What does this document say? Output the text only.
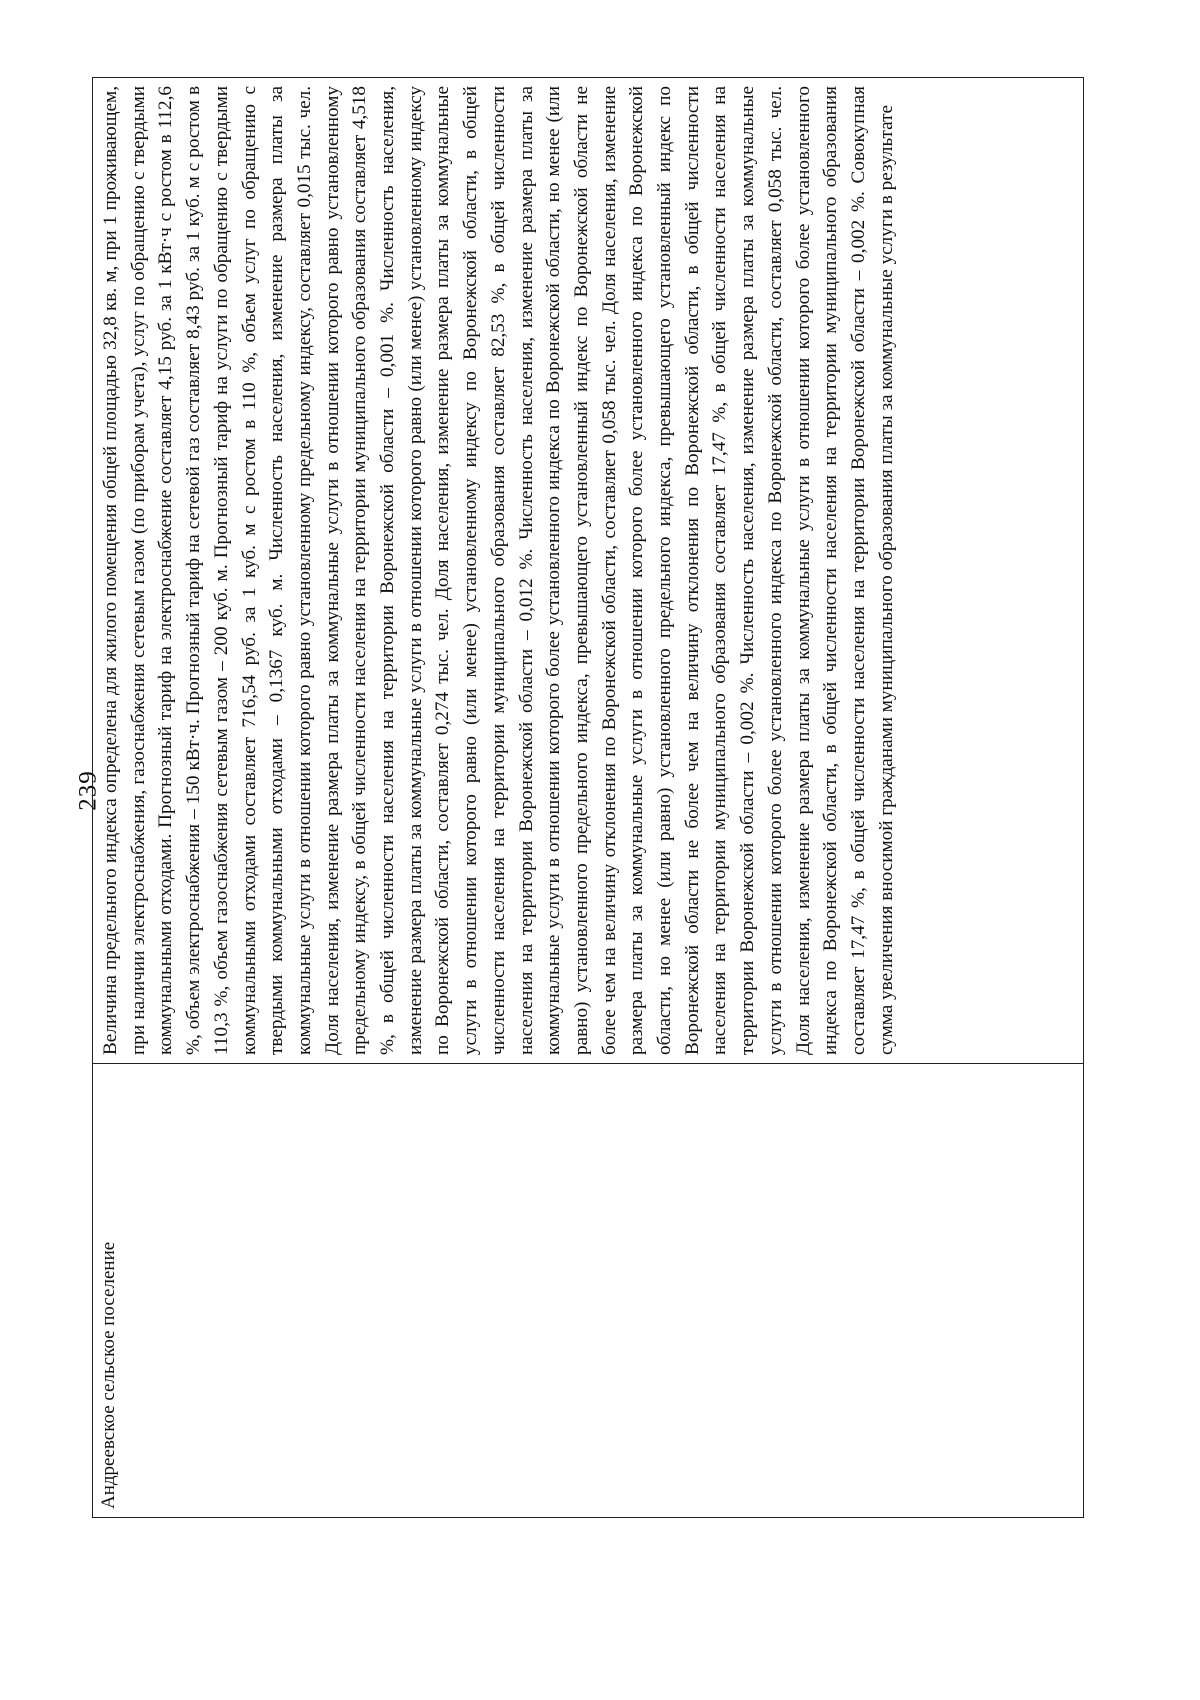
239
Андреевское сельское поселение	
Величина предельного индекса определена для жилого помещения общей площадью 32,8 кв. м, при 1 проживающем, при наличии электроснабжения, газоснабжения сетевым газом (по приборам учета), услуг по обращению с твердыми коммунальными отходами. Прогнозный тариф на электроснабжение составляет 4,15 руб. за 1 кВт·ч с ростом в 112,6 %, объем электроснабжения – 150 кВт·ч. Прогнозный тариф на сетевой газ составляет 8,43 руб. за 1 куб. м с ростом в 110,3 %, объем газоснабжения сетевым газом – 200 куб. м. Прогнозный тариф на услуги по обращению с твердыми коммунальными отходами составляет 716,54 руб. за 1 куб. м с ростом в 110 %, объем услуг по обращению с твердыми коммунальными отходами – 0,1367 куб. м. Численность населения, изменение размера платы за коммунальные услуги в отношении которого равно установленному предельному индексу, составляет 0,015 тыс. чел. Доля населения, изменение размера платы за коммунальные услуги в отношении которого равно установленному предельному индексу, в общей численности населения на территории муниципального образования составляет 4,518 %, в общей численности населения на территории Воронежской области – 0,001 %. Численность населения, изменение размера платы за коммунальные услуги в отношении которого равно (или менее) установленному индексу по Воронежской области, составляет 0,274 тыс. чел. Доля населения, изменение размера платы за коммунальные услуги в отношении которого равно (или менее) установленному индексу по Воронежской области, в общей численности населения на территории муниципального образования составляет 82,53 %, в общей численности населения на территории Воронежской области – 0,012 %. Численность населения, изменение размера платы за коммунальные услуги в отношении которого более установленного индекса по Воронежской области, но менее (или равно) установленного предельного индекса, превышающего установленный индекс по Воронежской области не более чем на величину отклонения по Воронежской области, составляет 0,058 тыс. чел. Доля населения, изменение размера платы за коммунальные услуги в отношении которого более установленного индекса по Воронежской области, но менее (или равно) установленного предельного индекса, превышающего установленный индекс по Воронежской области не более чем на величину отклонения по Воронежской области, в общей численности населения на территории муниципального образования составляет 17,47 %, в общей численности населения на территории Воронежской области – 0,002 %. Численность населения, изменение размера платы за коммунальные услуги в отношении которого более установленного индекса по Воронежской области, составляет 0,058 тыс. чел. Доля населения, изменение размера платы за коммунальные услуги в отношении которого более установленного индекса по Воронежской области, в общей численности населения на территории муниципального образования составляет 17,47 %, в общей численности населения на территории Воронежской области – 0,002 %. Совокупная сумма увеличения вносимой гражданами муниципального образования платы за коммунальные услуги в результате
